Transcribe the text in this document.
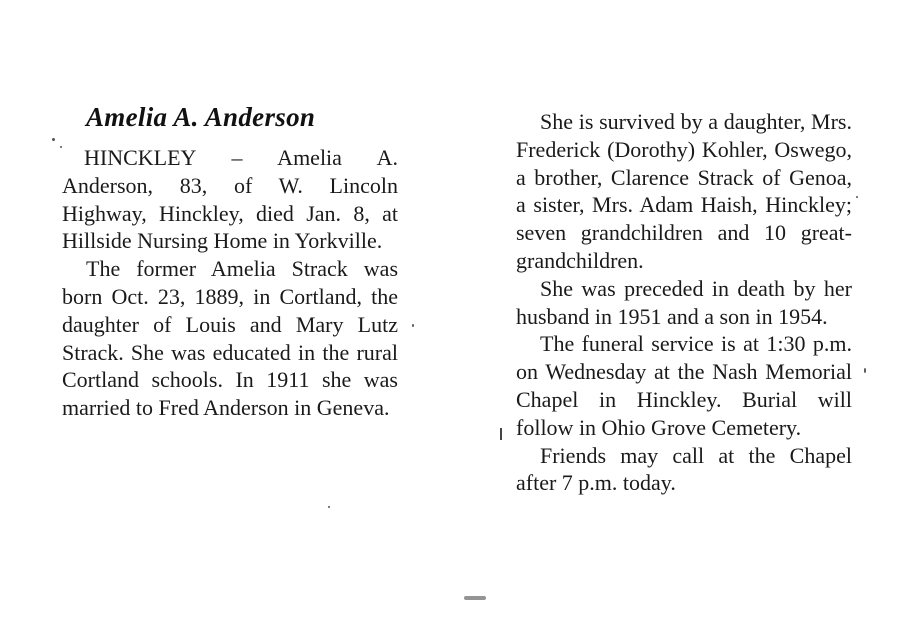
Amelia A. Anderson

HINCKLEY – Amelia A. Anderson, 83, of W. Lincoln Highway, Hinckley, died Jan. 8, at Hillside Nursing Home in Yorkville.

The former Amelia Strack was born Oct. 23, 1889, in Cortland, the daughter of Louis and Mary Lutz Strack. She was educated in the rural Cortland schools. In 1911 she was married to Fred Anderson in Geneva.

She is survived by a daughter, Mrs. Frederick (Dorothy) Kohler, Oswego, a brother, Clarence Strack of Genoa, a sister, Mrs. Adam Haish, Hinckley; seven grandchildren and 10 great-grandchildren.

She was preceded in death by her husband in 1951 and a son in 1954.

The funeral service is at 1:30 p.m. on Wednesday at the Nash Memorial Chapel in Hinckley. Burial will follow in Ohio Grove Cemetery.

Friends may call at the Chapel after 7 p.m. today.
